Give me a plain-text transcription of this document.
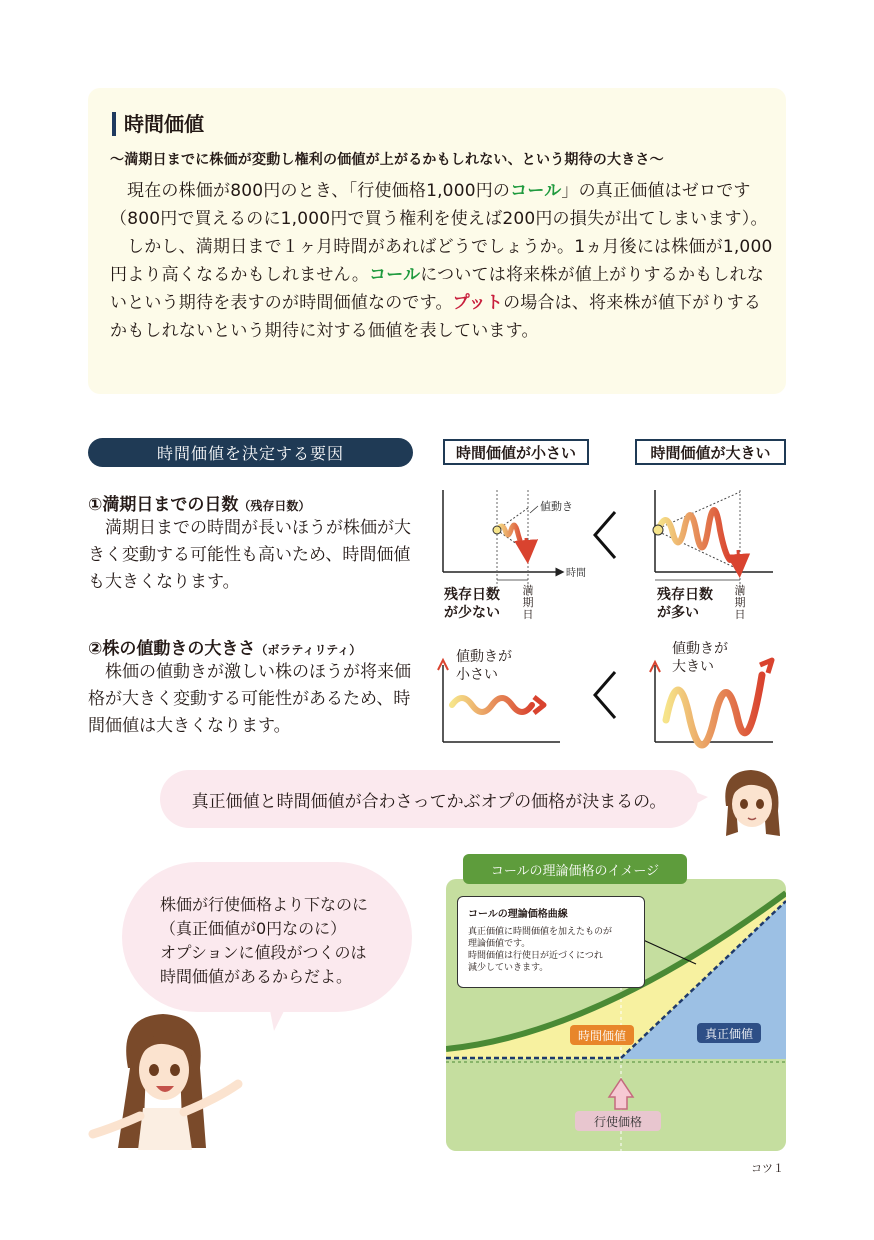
時間価値
〜満期日までに株価が変動し権利の価値が上がるかもしれない、という期待の大きさ〜

現在の株価が800円のとき、「行使価格1,000円のコール」の真正価値はゼロです（800円で買えるのに1,000円で買う権利を使えば200円の損失が出てしまいます）。

しかし、満期日まで１ヶ月時間があればどうでしょうか。1ヵ月後には株価が1,000円より高くなるかもしれません。コールについては将来株が値上がりするかもしれないという期待を表すのが時間価値なのです。プットの場合は、将来株が値下がりするかもしれないという期待に対する価値を表しています。

時間価値を決定する要因	時間価値が小さい	時間価値が大きい
①満期日までの日数（残存日数）

満期日までの時間が長いほうが株価が大きく変動する可能性も高いため、時間価値も大きくなります。

②株の値動きの大きさ（ボラティリティ）

株価の値動きが激しい株のほうが将来価格が大きく変動する可能性があるため、時間価値は大きくなります。

値動き
時間
残存日数
が少ない
満期日
残存日数
が多い
満期日
値動きが
小さい
値動きが
大きい
真正価値と時間価値が合わさってかぶオプの価格が決まるの。
株価が行使価格より下なのに
（真正価値が0円なのに）
オプションに値段がつくのは
時間価値があるからだよ。
コールの理論価格のイメージ
コールの理論価格曲線
真正価値に時間価値を加えたものが
理論価値です。
時間価値は行使日が近づくにつれ
減少していきます。
時間価値	真正価値
行使価格
コツ１
